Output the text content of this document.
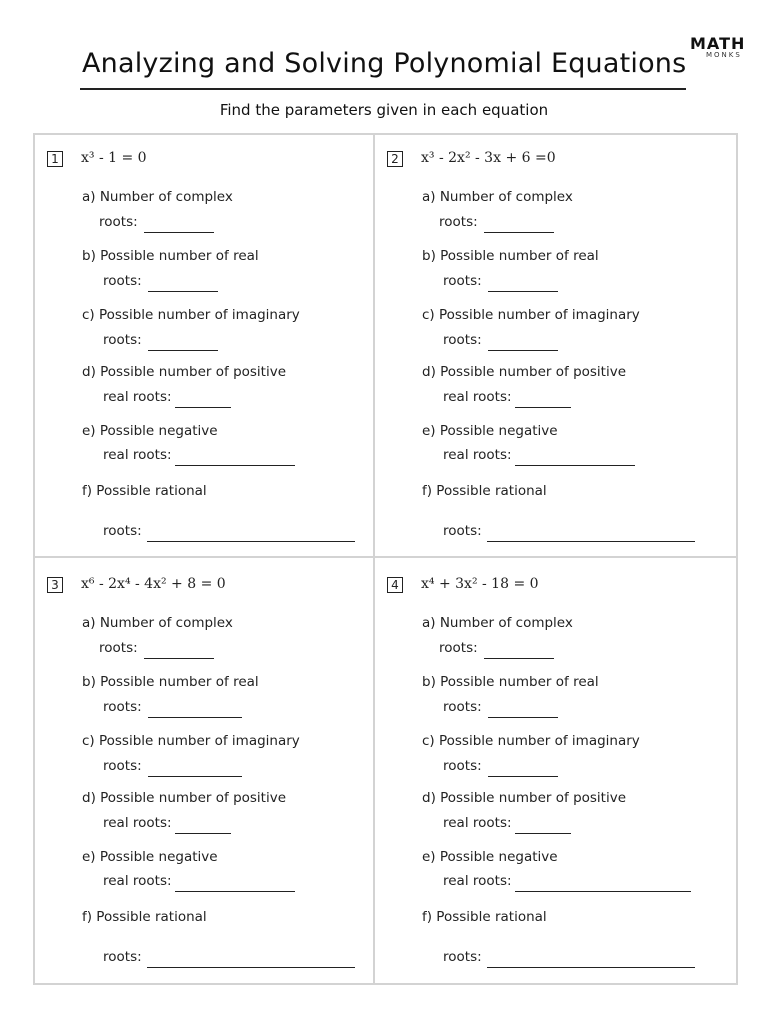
MATH
MONKS
Analyzing and Solving Polynomial Equations
Find the parameters given in each equation
1 x³ - 1 = 0
a) Number of complex
roots:
b) Possible number of real
roots:
c) Possible number of imaginary
roots:
d) Possible number of positive
real roots:
e) Possible negative
real roots:
f) Possible rational
roots:
2 x³ - 2x² - 3x + 6 =0
a) Number of complex
roots:
b) Possible number of real
roots:
c) Possible number of imaginary
roots:
d) Possible number of positive
real roots:
e) Possible negative
real roots:
f) Possible rational
roots:
3 x⁶ - 2x⁴ - 4x² + 8 = 0
a) Number of complex
roots:
b) Possible number of real
roots:
c) Possible number of imaginary
roots:
d) Possible number of positive
real roots:
e) Possible negative
real roots:
f) Possible rational
roots:
4 x⁴ + 3x² - 18 = 0
a) Number of complex
roots:
b) Possible number of real
roots:
c) Possible number of imaginary
roots:
d) Possible number of positive
real roots:
e) Possible negative
real roots:
f) Possible rational
roots:
